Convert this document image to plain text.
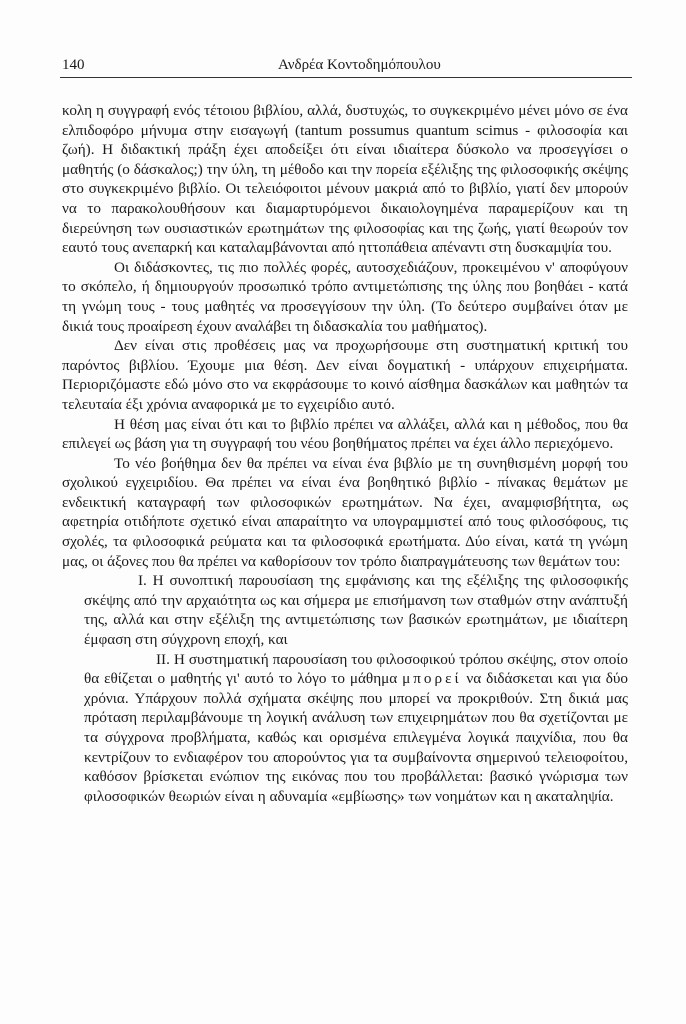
140	Ανδρέα Κοντοδημόπουλου

κολη η συγγραφή ενός τέτοιου βιβλίου, αλλά, δυστυχώς, το συγκεκριμένο μένει μόνο σε ένα ελπιδοφόρο μήνυμα στην εισαγωγή (tantum possumus quantum scimus - φιλοσοφία και ζωή). Η διδακτική πράξη έχει αποδείξει ότι είναι ιδιαίτερα δύσκολο να προσεγγίσει ο μαθητής (ο δάσκαλος;) την ύλη, τη μέθοδο και την πορεία εξέλιξης της φιλοσοφικής σκέψης στο συγκεκριμένο βιβλίο. Οι τελειόφοιτοι μένουν μακριά από το βιβλίο, γιατί δεν μπορούν να το παρακολουθήσουν και διαμαρτυρόμενοι δικαιολογημένα παραμερίζουν και τη διερεύνηση των ουσιαστικών ερωτημάτων της φιλοσοφίας και της ζωής, γιατί θεωρούν τον εαυτό τους ανεπαρκή και καταλαμβάνονται από ηττοπάθεια απέναντι στη δυσκαμψία του.

Οι διδάσκοντες, τις πιο πολλές φορές, αυτοσχεδιάζουν, προκειμένου ν' αποφύγουν το σκόπελο, ή δημιουργούν προσωπικό τρόπο αντιμετώπισης της ύλης που βοηθάει - κατά τη γνώμη τους - τους μαθητές να προσεγγίσουν την ύλη. (Το δεύτερο συμβαίνει όταν με δικιά τους προαίρεση έχουν αναλάβει τη διδασκαλία του μαθήματος).

Δεν είναι στις προθέσεις μας να προχωρήσουμε στη συστηματική κριτική του παρόντος βιβλίου. Έχουμε μια θέση. Δεν είναι δογματική - υπάρχουν επιχειρήματα. Περιοριζόμαστε εδώ μόνο στο να εκφράσουμε το κοινό αίσθημα δασκάλων και μαθητών τα τελευταία έξι χρόνια αναφορικά με το εγχειρίδιο αυτό.

Η θέση μας είναι ότι και το βιβλίο πρέπει να αλλάξει, αλλά και η μέθοδος, που θα επιλεγεί ως βάση για τη συγγραφή του νέου βοηθήματος πρέπει να έχει άλλο περιεχόμενο.

Το νέο βοήθημα δεν θα πρέπει να είναι ένα βιβλίο με τη συνηθισμένη μορφή του σχολικού εγχειριδίου. Θα πρέπει να είναι ένα βοηθητικό βιβλίο - πίνακας θεμάτων με ενδεικτική καταγραφή των φιλοσοφικών ερωτημάτων. Να έχει, αναμφισβήτητα, ως αφετηρία οτιδήποτε σχετικό είναι απαραίτητο να υπογραμμιστεί από τους φιλοσόφους, τις σχολές, τα φιλοσοφικά ρεύματα και τα φιλοσοφικά ερωτήματα. Δύο είναι, κατά τη γνώμη μας, οι άξονες που θα πρέπει να καθορίσουν τον τρόπο διαπραγμάτευσης των θεμάτων του:

Ι. Η συνοπτική παρουσίαση της εμφάνισης και της εξέλιξης της φιλοσοφικής σκέψης από την αρχαιότητα ως και σήμερα με επισήμανση των σταθμών στην ανάπτυξή της, αλλά και στην εξέλιξη της αντιμετώπισης των βασικών ερωτημάτων, με ιδιαίτερη έμφαση στη σύγχρονη εποχή, και

ΙΙ. Η συστηματική παρουσίαση του φιλοσοφικού τρόπου σκέψης, στον οποίο θα εθίζεται ο μαθητής γι' αυτό το λόγο το μάθημα μπορεί να διδάσκεται και για δύο χρόνια. Υπάρχουν πολλά σχήματα σκέψης που μπορεί να προκριθούν. Στη δικιά μας πρόταση περιλαμβάνουμε τη λογική ανάλυση των επιχειρημάτων που θα σχετίζονται με τα σύγχρονα προβλήματα, καθώς και ορισμένα επιλεγμένα λογικά παιχνίδια, που θα κεντρίζουν το ενδιαφέρον του απορούντος για τα συμβαίνοντα σημερινού τελειοφοίτου, καθόσον βρίσκεται ενώπιον της εικόνας που του προβάλλεται: βασικό γνώρισμα των φιλοσοφικών θεωριών είναι η αδυναμία «εμβίωσης» των νοημάτων και η ακαταληψία.
